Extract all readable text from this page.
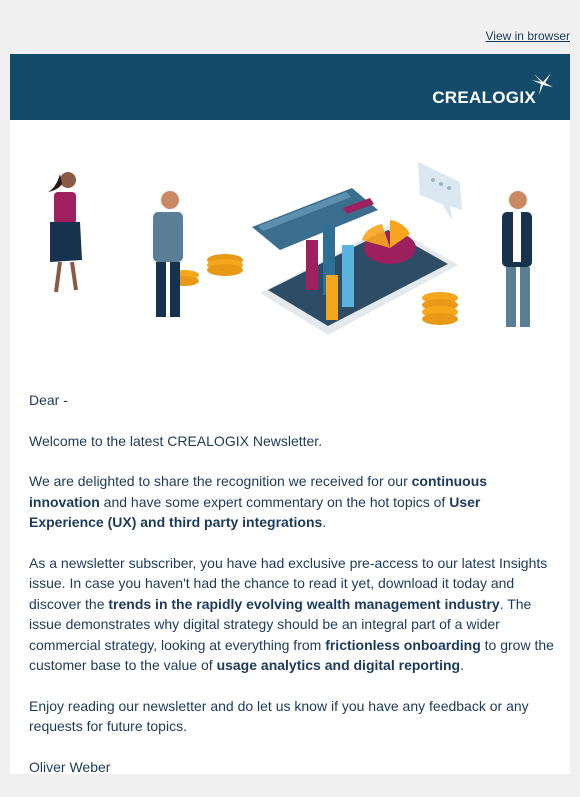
View in browser
CREALOGIX

Dear -

Welcome to the latest CREALOGIX Newsletter.

We are delighted to share the recognition we received for our continuous innovation and have some expert commentary on the hot topics of User Experience (UX) and third party integrations.

As a newsletter subscriber, you have had exclusive pre-access to our latest Insights issue. In case you haven't had the chance to read it yet, download it today and discover the trends in the rapidly evolving wealth management industry. The issue demonstrates why digital strategy should be an integral part of a wider commercial strategy, looking at everything from frictionless onboarding to grow the customer base to the value of usage analytics and digital reporting.

Enjoy reading our newsletter and do let us know if you have any feedback or any requests for future topics.

Oliver Weber
